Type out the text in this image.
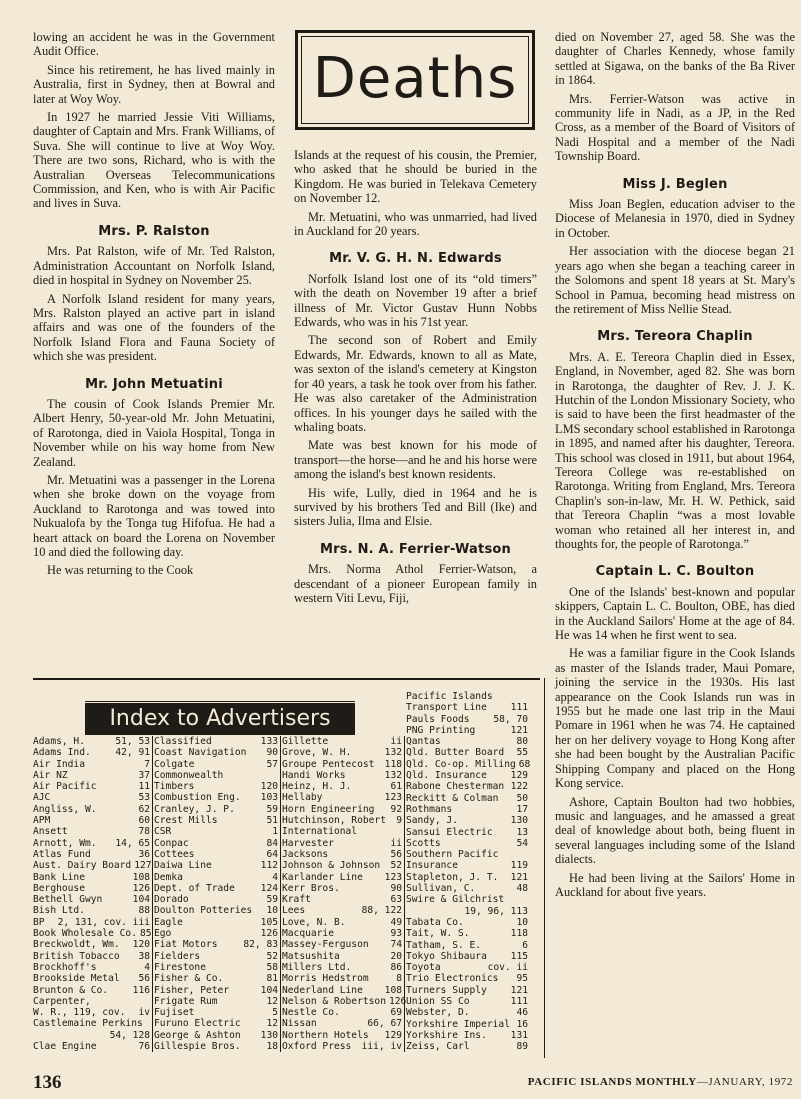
lowing an accident he was in the Government Audit Office.

Since his retirement, he has lived mainly in Australia, first in Sydney, then at Bowral and later at Woy Woy.

In 1927 he married Jessie Viti Williams, daughter of Captain and Mrs. Frank Williams, of Suva. She will continue to live at Woy Woy. There are two sons, Richard, who is with the Australian Overseas Telecommunications Commission, and Ken, who is with Air Pacific and lives in Suva.

Mrs. P. Ralston

Mrs. Pat Ralston, wife of Mr. Ted Ralston, Administration Accountant on Norfolk Island, died in hospital in Sydney on November 25.

A Norfolk Island resident for many years, Mrs. Ralston played an active part in island affairs and was one of the founders of the Norfolk Island Flora and Fauna Society of which she was president.

Mr. John Metuatini

The cousin of Cook Islands Premier Mr. Albert Henry, 50-year-old Mr. John Metuatini, of Rarotonga, died in Vaiola Hospital, Tonga in November while on his way home from New Zealand.

Mr. Metuatini was a passenger in the Lorena when she broke down on the voyage from Auckland to Rarotonga and was towed into Nukualofa by the Tonga tug Hifofua. He had a heart attack on board the Lorena on November 10 and died the following day.

He was returning to the Cook

Deaths

Islands at the request of his cousin, the Premier, who asked that he should be buried in the Kingdom. He was buried in Telekava Cemetery on November 12.

Mr. Metuatini, who was unmarried, had lived in Auckland for 20 years.

Mr. V. G. H. N. Edwards

Norfolk Island lost one of its “old timers” with the death on November 19 after a brief illness of Mr. Victor Gustav Hunn Nobbs Edwards, who was in his 71st year.

The second son of Robert and Emily Edwards, Mr. Edwards, known to all as Mate, was sexton of the island's cemetery at Kingston for 40 years, a task he took over from his father. He was also caretaker of the Administration offices. In his younger days he sailed with the whaling boats.

Mate was best known for his mode of transport—the horse—and he and his horse were among the island's best known residents.

His wife, Lully, died in 1964 and he is survived by his brothers Ted and Bill (Ike) and sisters Julia, Ilma and Elsie.

Mrs. N. A. Ferrier-Watson

Mrs. Norma Athol Ferrier-Watson, a descendant of a pioneer European family in western Viti Levu, Fiji,

died on November 27, aged 58. She was the daughter of Charles Kennedy, whose family settled at Sigawa, on the banks of the Ba River in 1864.

Mrs. Ferrier-Watson was active in community life in Nadi, as a JP, in the Red Cross, as a member of the Board of Visitors of Nadi Hospital and a member of the Nadi Township Board.

Miss J. Beglen

Miss Joan Beglen, education adviser to the Diocese of Melanesia in 1970, died in Sydney in October.

Her association with the diocese began 21 years ago when she began a teaching career in the Solomons and spent 18 years at St. Mary's School in Pamua, becoming head mistress on the retirement of Miss Nellie Stead.

Mrs. Tereora Chaplin

Mrs. A. E. Tereora Chaplin died in Essex, England, in November, aged 82. She was born in Rarotonga, the daughter of Rev. J. J. K. Hutchin of the London Missionary Society, who is said to have been the first headmaster of the LMS secondary school established in Rarotonga in 1895, and named after his daughter, Tereora. This school was closed in 1911, but about 1964, Tereora College was re-established on Rarotonga. Writing from England, Mrs. Tereora Chaplin's son-in-law, Mr. H. W. Pethick, said that Tereora Chaplin “was a most lovable woman who retained all her interest in, and thoughts for, the people of Rarotonga.”

Captain L. C. Boulton

One of the Islands' best-known and popular skippers, Captain L. C. Boulton, OBE, has died in the Auckland Sailors' Home at the age of 84. He was 14 when he first went to sea.

He was a familiar figure in the Cook Islands as master of the Islands trader, Maui Pomare, joining the service in the 1930s. His last appearance on the Cook Islands run was in 1955 but he made one last trip in the Maui Pomare in 1961 when he was 74. He captained her on her delivery voyage to Hong Kong after she had been bought by the Australian Pacific Shipping Company and placed on the Hong Kong service.

Ashore, Captain Boulton had two hobbies, music and languages, and he amassed a great deal of knowledge about both, being fluent in several languages including some of the Island dialects.

He had been living at the Sailors' Home in Auckland for about five years.

Index to Advertisers
Adams, H.	51, 53
Adams Ind.	42, 91
Air India	7
Air NZ	37
Air Pacific	11
AJC	53
Angliss, W.	62
APM	60
Ansett	78
Arnott, Wm.	14, 65
Atlas Fund	36
Aust. Dairy Board 127
Bank Line	108
Berghouse	126
Bethell Gwyn	104
Bish Ltd.	88
BP	2, 131, cov. iii
Book Wholesale Co. 85
Breckwoldt, Wm.	120
British Tobacco	38
Brockhoff's	4
Brookside Metal	56
Brunton & Co.	116
Carpenter,
W. R., 119, cov.	iv
Castlemaine Perkins
54, 128
Clae Engine	76
Classified	133
Coast Navigation	90
Colgate	57
Commonwealth
Timbers	120
Combustion Eng.	103
Cranley, J. P.	59
Crest Mills	51
CSR	1
Conpac	84
Cottees	64
Daiwa Line	112
Demka	4
Dept. of Trade	124
Dorado	59
Doulton Potteries	10
Eagle	105
Ego	126
Fiat Motors	82, 83
Fielders	52
Firestone	58
Fisher & Co.	81
Fisher, Peter	104
Frigate Rum	12
Fujiset	5
Furuno Electric	12
George & Ashton	130
Gillespie Bros.	18
Gillette	ii
Grove, W. H.	132
Groupe Pentecost	118
Handi Works	132
Heinz, H. J.	61
Hellaby	123
Horn Engineering	92
Hutchinson, Robert	9
International
Harvester	ii
Jacksons	56
Johnson & Johnson	52
Karlander Line	123
Kerr Bros.	90
Kraft	63
Lees	88, 122
Love, N. B.	49
Macquarie	93
Massey-Ferguson	74
Matsushita	20
Millers Ltd.	86
Morris Hedstrom	8
Nederland Line	108
Nelson & Robertson 126
Nestle Co.	69
Nissan	66, 67
Northern Hotels	129
Oxford Press	iii, iv
Pacific Islands
Transport Line	111
Pauls Foods	58, 70
PNG Printing	121
Qantas	80
Qld. Butter Board	55
Qld. Co-op. Milling 68
Qld. Insurance	129
Rabone Chesterman 122
Reckitt & Colman	50
Rothmans	17
Sandy, J.	130
Sansui Electric	13
Scotts	54
Southern Pacific
Insurance	119
Stapleton, J. T.	121
Sullivan, C.	48
Swire & Gilchrist
19, 96, 113
Tabata Co.	10
Tait, W. S.	118
Tatham, S. E.	6
Tokyo Shibaura	115
Toyota	cov. ii
Trio Electronics	95
Turners Supply	121
Union SS Co	111
Webster, D.	46
Yorkshire Imperial 16
Yorkshire Ins.	131
Zeiss, Carl	89
136	PACIFIC ISLANDS MONTHLY—JANUARY, 1972
